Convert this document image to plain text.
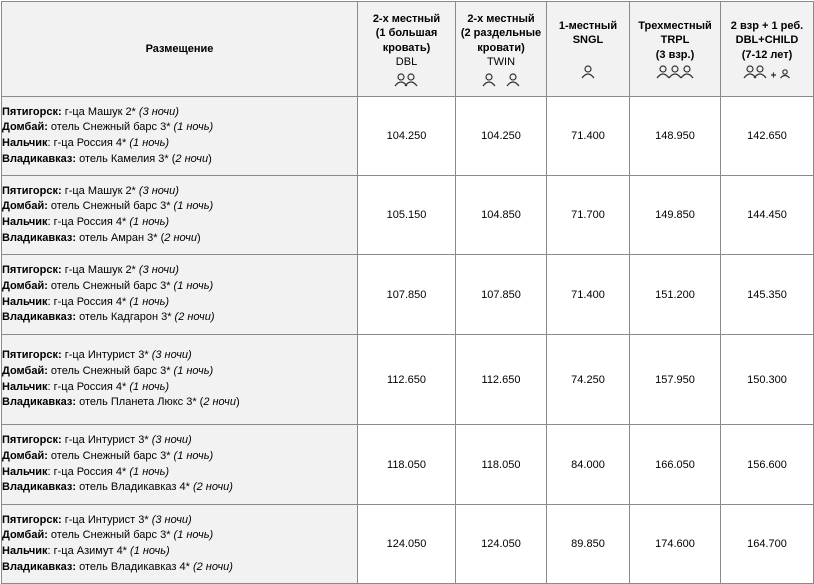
Размещение	2-х местный
(1 большая
кровать)
DBL	2-х местный
(2 раздельные
кровати)
TWIN	1-местный
SNGL	Трехместный
TRPL
(3 взр.)	2 взр + 1 реб.
DBL+CHILD
(7-12 лет)

Пятигорск: г-ца Машук 2* (3 ночи)
Домбай: отель Снежный барс 3* (1 ночь)
Нальчик: г-ца Россия 4* (1 ночь)
Владикавказ: отель Камелия 3* (2 ночи)	104.250	104.250	71.400	148.950	142.650

Пятигорск: г-ца Машук 2* (3 ночи)
Домбай: отель Снежный барс 3* (1 ночь)
Нальчик: г-ца Россия 4* (1 ночь)
Владикавказ: отель Амран 3* (2 ночи)	105.150	104.850	71.700	149.850	144.450

Пятигорск: г-ца Машук 2* (3 ночи)
Домбай: отель Снежный барс 3* (1 ночь)
Нальчик: г-ца Россия 4* (1 ночь)
Владикавказ: отель Кадгарон 3* (2 ночи)	107.850	107.850	71.400	151.200	145.350

Пятигорск: г-ца Интурист 3* (3 ночи)
Домбай: отель Снежный барс 3* (1 ночь)
Нальчик: г-ца Россия 4* (1 ночь)
Владикавказ: отель Планета Люкс 3* (2 ночи)	112.650	112.650	74.250	157.950	150.300

Пятигорск: г-ца Интурист 3* (3 ночи)
Домбай: отель Снежный барс 3* (1 ночь)
Нальчик: г-ца Россия 4* (1 ночь)
Владикавказ: отель Владикавказ 4* (2 ночи)	118.050	118.050	84.000	166.050	156.600

Пятигорск: г-ца Интурист 3* (3 ночи)
Домбай: отель Снежный барс 3* (1 ночь)
Нальчик: г-ца Азимут 4* (1 ночь)
Владикавказ: отель Владикавказ 4* (2 ночи)	124.050	124.050	89.850	174.600	164.700
